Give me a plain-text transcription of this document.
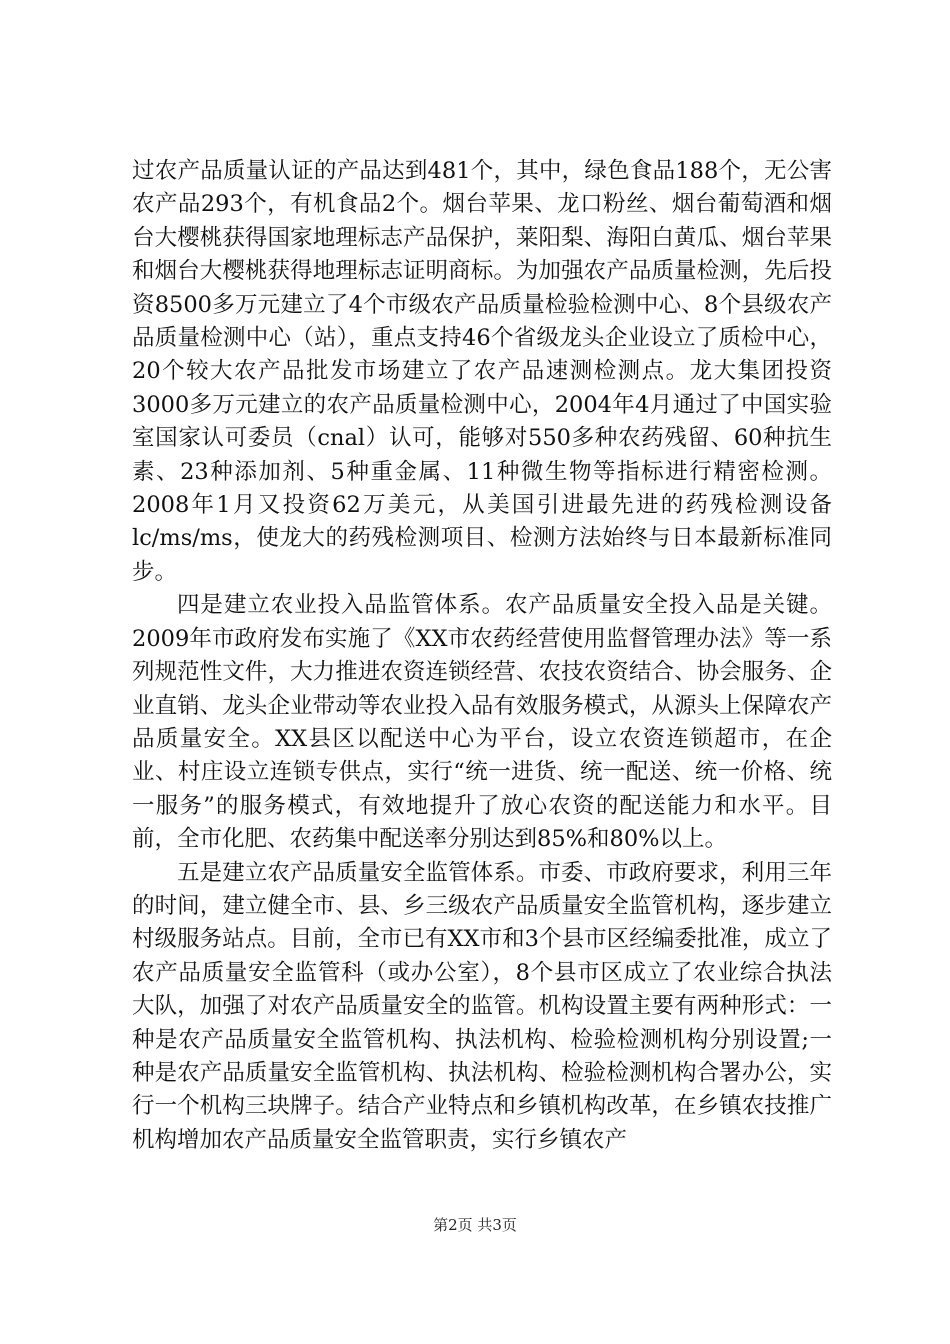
过农产品质量认证的产品达到481个，其中，绿色食品188个，无公害农产品293个，有机食品2个。烟台苹果、龙口粉丝、烟台葡萄酒和烟台大樱桃获得国家地理标志产品保护，莱阳梨、海阳白黄瓜、烟台苹果和烟台大樱桃获得地理标志证明商标。为加强农产品质量检测，先后投资8500多万元建立了4个市级农产品质量检验检测中心、8个县级农产品质量检测中心（站），重点支持46个省级龙头企业设立了质检中心，20个较大农产品批发市场建立了农产品速测检测点。龙大集团投资3000多万元建立的农产品质量检测中心，2004年4月通过了中国实验室国家认可委员（cnal）认可，能够对550多种农药残留、60种抗生素、23种添加剂、5种重金属、11种微生物等指标进行精密检测。2008年1月又投资62万美元，从美国引进最先进的药残检测设备lc/ms/ms，使龙大的药残检测项目、检测方法始终与日本最新标准同步。

四是建立农业投入品监管体系。农产品质量安全投入品是关键。2009年市政府发布实施了《XX市农药经营使用监督管理办法》等一系列规范性文件，大力推进农资连锁经营、农技农资结合、协会服务、企业直销、龙头企业带动等农业投入品有效服务模式，从源头上保障农产品质量安全。XX县区以配送中心为平台，设立农资连锁超市，在企业、村庄设立连锁专供点，实行“统一进货、统一配送、统一价格、统一服务”的服务模式，有效地提升了放心农资的配送能力和水平。目前，全市化肥、农药集中配送率分别达到85%和80%以上。

五是建立农产品质量安全监管体系。市委、市政府要求，利用三年的时间，建立健全市、县、乡三级农产品质量安全监管机构，逐步建立村级服务站点。目前，全市已有XX市和3个县市区经编委批准，成立了农产品质量安全监管科（或办公室），8个县市区成立了农业综合执法大队，加强了对农产品质量安全的监管。机构设置主要有两种形式：一种是农产品质量安全监管机构、执法机构、检验检测机构分别设置;一种是农产品质量安全监管机构、执法机构、检验检测机构合署办公，实行一个机构三块牌子。结合产业特点和乡镇机构改革，在乡镇农技推广机构增加农产品质量安全监管职责，实行乡镇农产

第2页 共3页
